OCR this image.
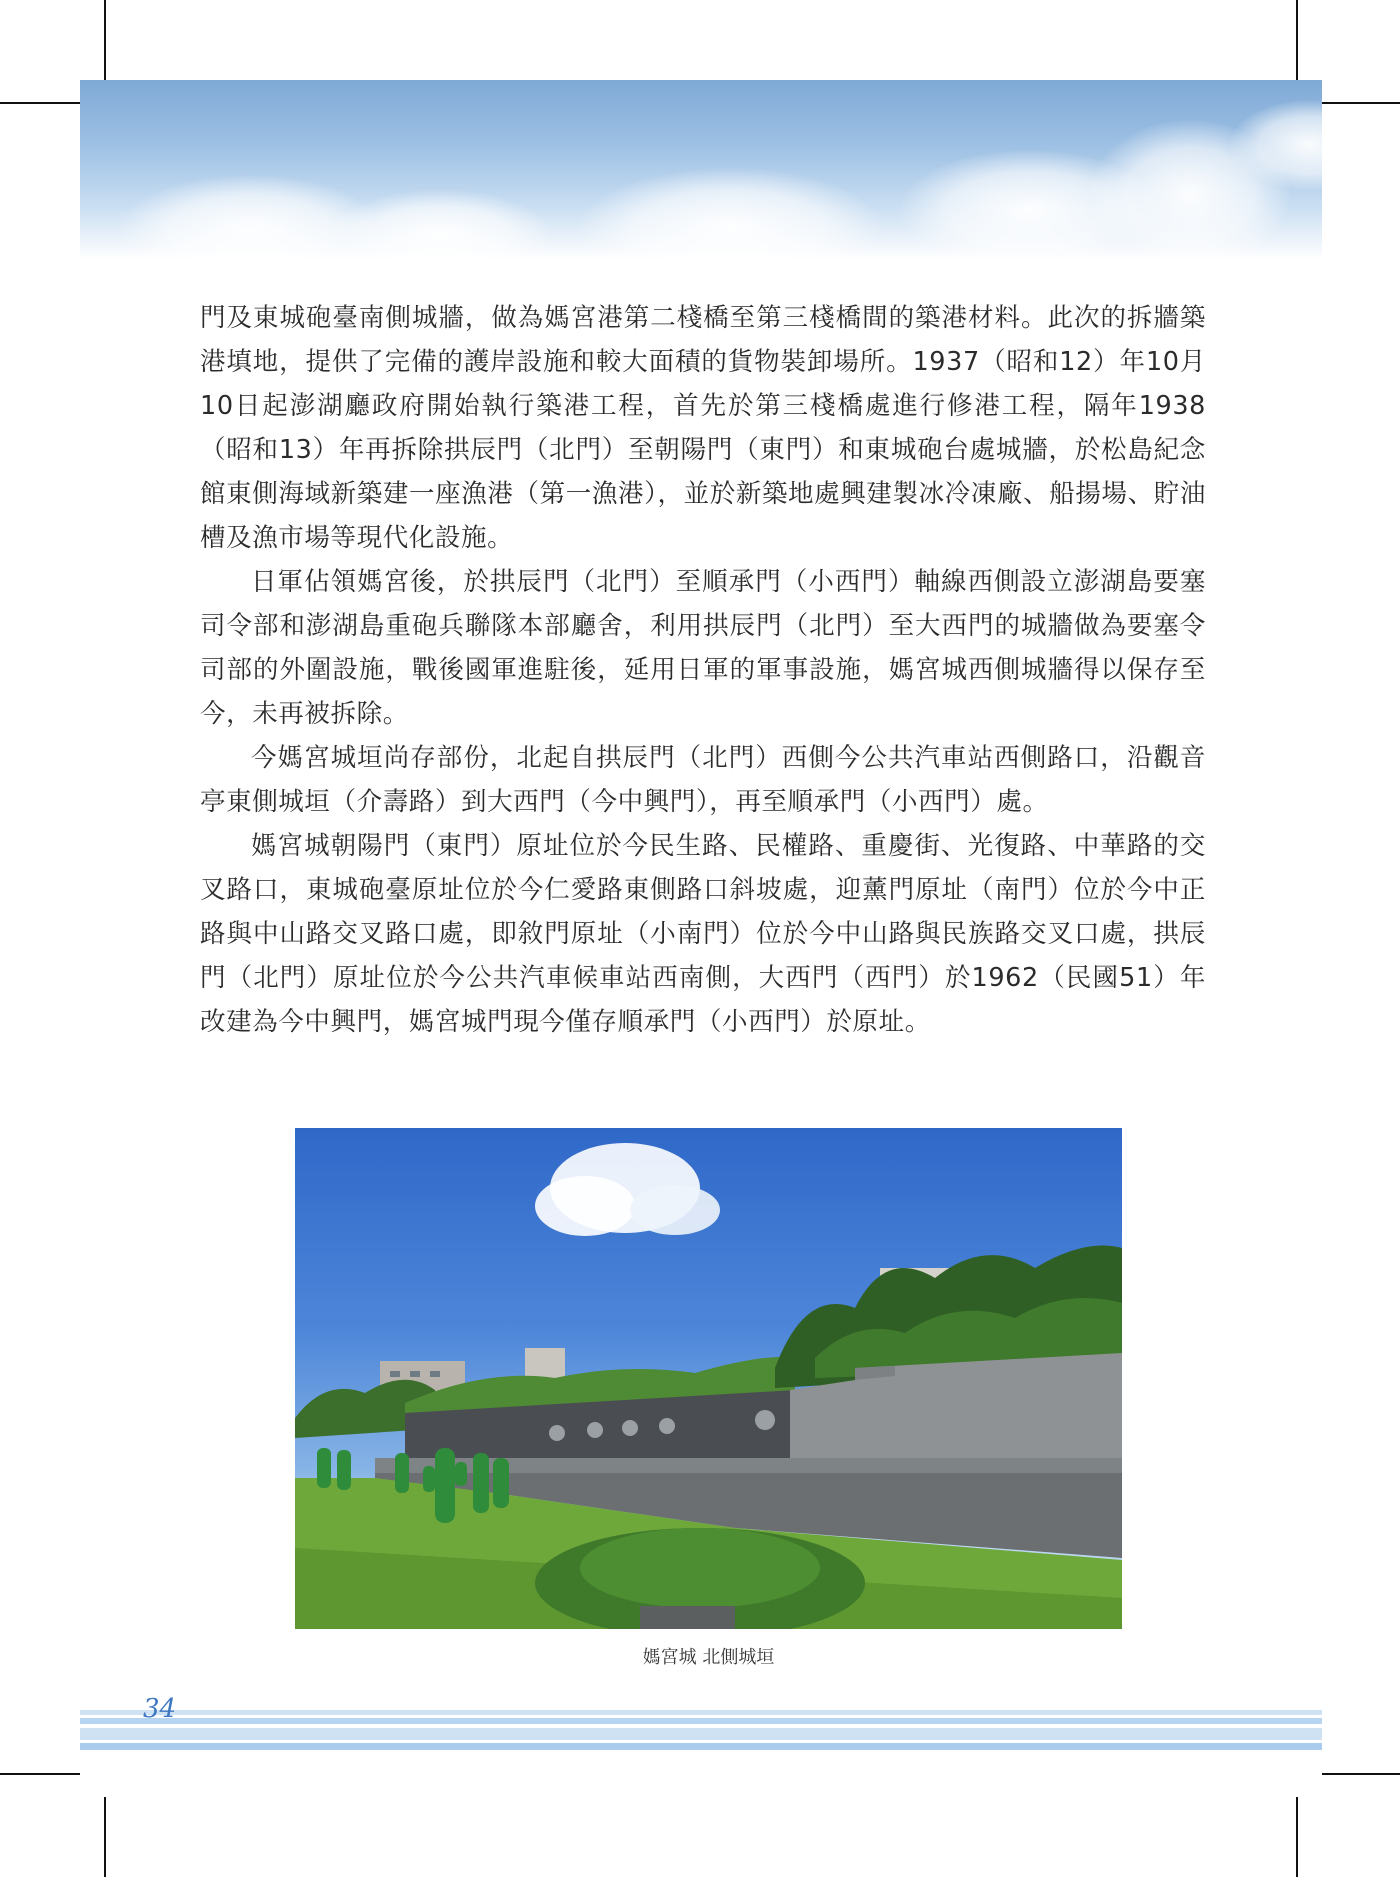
門及東城砲臺南側城牆，做為媽宮港第二棧橋至第三棧橋間的築港材料。此次的拆牆築港填地，提供了完備的護岸設施和較大面積的貨物裝卸場所。1937（昭和12）年10月10日起澎湖廳政府開始執行築港工程，首先於第三棧橋處進行修港工程，隔年1938（昭和13）年再拆除拱辰門（北門）至朝陽門（東門）和東城砲台處城牆，於松島紀念館東側海域新築建一座漁港（第一漁港），並於新築地處興建製冰冷凍廠、船揚場、貯油槽及漁市場等現代化設施。

日軍佔領媽宮後，於拱辰門（北門）至順承門（小西門）軸線西側設立澎湖島要塞司令部和澎湖島重砲兵聯隊本部廳舍，利用拱辰門（北門）至大西門的城牆做為要塞令司部的外圍設施，戰後國軍進駐後，延用日軍的軍事設施，媽宮城西側城牆得以保存至今，未再被拆除。

今媽宮城垣尚存部份，北起自拱辰門（北門）西側今公共汽車站西側路口，沿觀音亭東側城垣（介壽路）到大西門（今中興門），再至順承門（小西門）處。

媽宮城朝陽門（東門）原址位於今民生路、民權路、重慶街、光復路、中華路的交叉路口，東城砲臺原址位於今仁愛路東側路口斜坡處，迎薰門原址（南門）位於今中正路與中山路交叉路口處，即敘門原址（小南門）位於今中山路與民族路交叉口處，拱辰門（北門）原址位於今公共汽車候車站西南側，大西門（西門）於1962（民國51）年改建為今中興門，媽宮城門現今僅存順承門（小西門）於原址。

媽宮城 北側城垣
34
